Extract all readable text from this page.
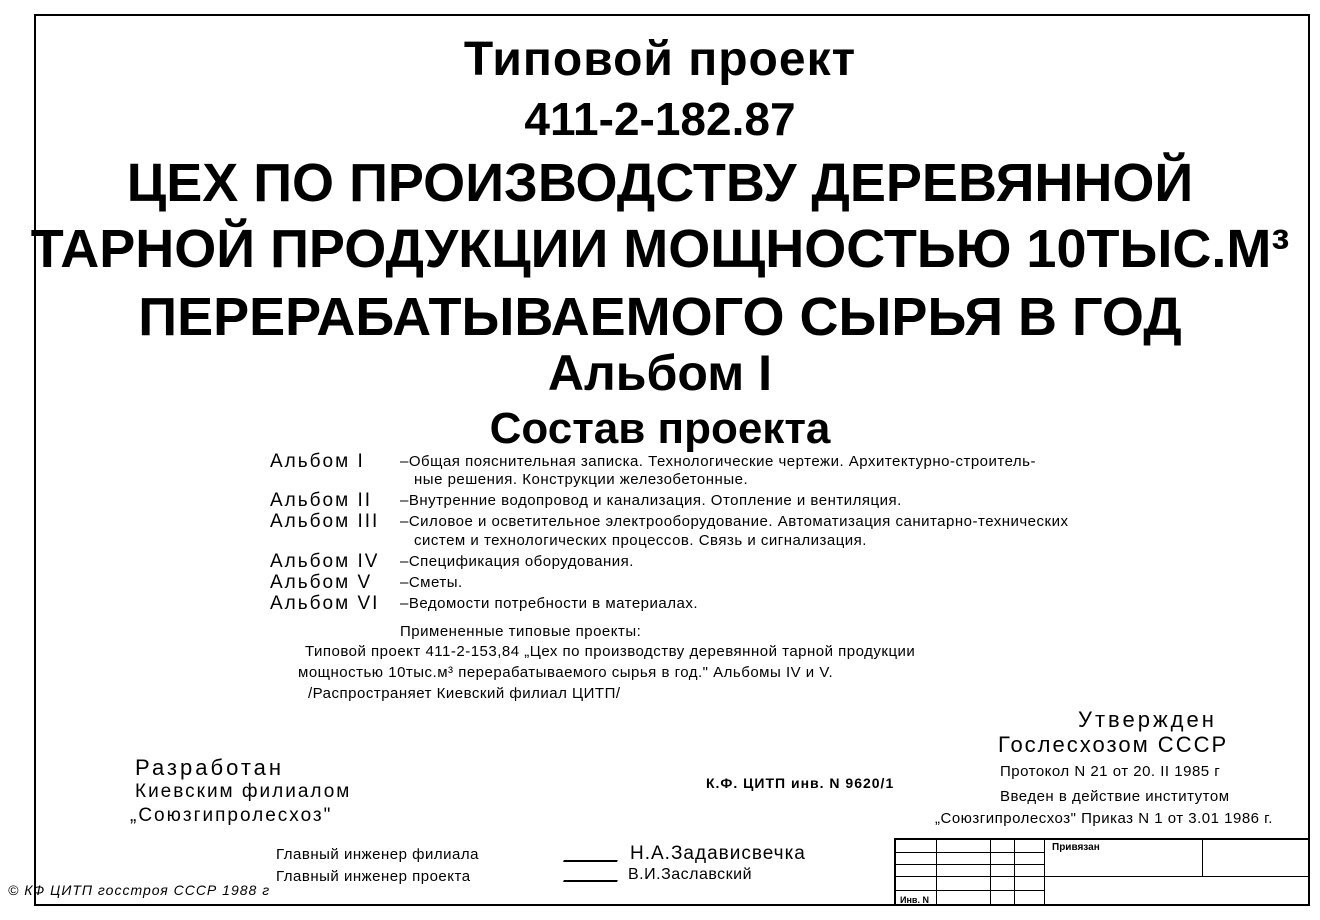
Типовой проект
411-2-182.87
ЦЕХ ПО ПРОИЗВОДСТВУ ДЕРЕВЯННОЙ
ТАРНОЙ ПРОДУКЦИИ МОЩНОСТЬЮ 10ТЫС.М³
ПЕРЕРАБАТЫВАЕМОГО СЫРЬЯ В ГОД
Альбом I
Состав проекта
Альбом I –Общая пояснительная записка. Технологические чертежи. Архитектурно-строитель-
ные решения. Конструкции железобетонные.
Альбом II –Внутренние водопровод и канализация. Отопление и вентиляция.
Альбом III –Силовое и осветительное электрооборудование. Автоматизация санитарно-технических
систем и технологических процессов. Связь и сигнализация.
Альбом IV –Спецификация оборудования.
Альбом V –Сметы.
Альбом VI –Ведомости потребности в материалах.
Примененные типовые проекты:
Типовой проект 411-2-153,84 „Цех по производству деревянной тарной продукции
мощностью 10тыс.м³ перерабатываемого сырья в год." Альбомы IV и V.
/Распространяет Киевский филиал ЦИТП/
Разработан
Киевским филиалом
„Союзгипролесхоз"
К.Ф. ЦИТП инв. N 9620/1
Утвержден
Гослесхозом СССР
Протокол N 21 от 20. II 1985 г
Введен в действие институтом
„Союзгипролесхоз" Приказ N 1 от 3.01 1986 г.
Главный инженер филиала	Н.А.Задависвечка
Главный инженер проекта	В.И.Заславский
© КФ ЦИТП госстроя СССР 1988 г
Привязан
Инв. N
